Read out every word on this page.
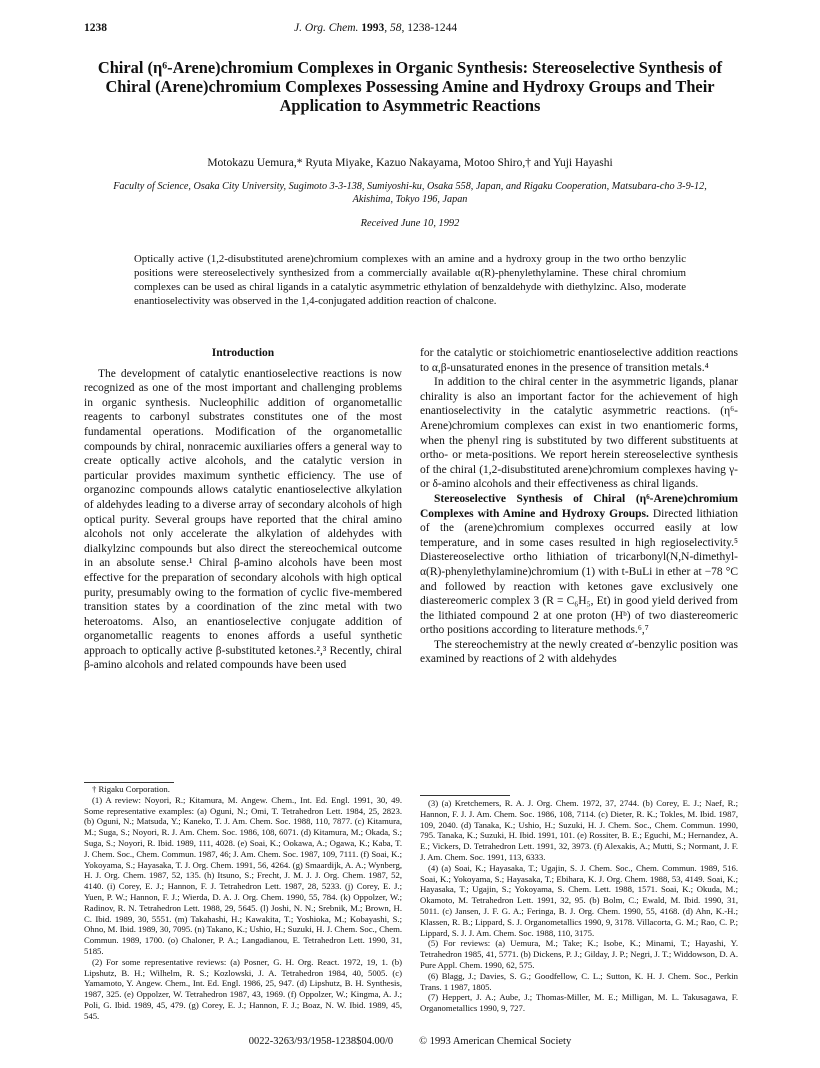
1238	J. Org. Chem. 1993, 58, 1238-1244
Chiral (η⁶-Arene)chromium Complexes in Organic Synthesis: Stereoselective Synthesis of Chiral (Arene)chromium Complexes Possessing Amine and Hydroxy Groups and Their Application to Asymmetric Reactions
Motokazu Uemura,* Ryuta Miyake, Kazuo Nakayama, Motoo Shiro,† and Yuji Hayashi
Faculty of Science, Osaka City University, Sugimoto 3-3-138, Sumiyoshi-ku, Osaka 558, Japan, and Rigaku Cooperation, Matsubara-cho 3-9-12, Akishima, Tokyo 196, Japan
Received June 10, 1992

Optically active (1,2-disubstituted arene)chromium complexes with an amine and a hydroxy group in the two ortho benzylic positions were stereoselectively synthesized from a commercially available α(R)-phenylethylamine. These chiral chromium complexes can be used as chiral ligands in a catalytic asymmetric ethylation of benzaldehyde with diethylzinc. Also, moderate enantioselectivity was observed in the 1,4-conjugated addition reaction of chalcone.

Introduction

The development of catalytic enantioselective reactions is now recognized as one of the most important and challenging problems in organic synthesis. Nucleophilic addition of organometallic reagents to carbonyl substrates constitutes one of the most fundamental operations. Modification of the organometallic compounds by chiral, nonracemic auxiliaries offers a general way to create optically active alcohols, and the catalytic version in particular provides maximum synthetic efficiency. The use of organozinc compounds allows catalytic enantioselective alkylation of aldehydes leading to a diverse array of secondary alcohols of high optical purity. Several groups have reported that the chiral amino alcohols not only accelerate the alkylation of aldehydes with dialkylzinc compounds but also direct the stereochemical outcome in an absolute sense.¹ Chiral β-amino alcohols have been most effective for the preparation of secondary alcohols with high optical purity, presumably owing to the formation of cyclic five-membered transition states by a coordination of the zinc metal with two heteroatoms. Also, an enantioselective conjugate addition of organometallic reagents to enones affords a useful synthetic approach to optically active β-substituted ketones.²,³ Recently, chiral β-amino alcohols and related compounds have been used

for the catalytic or stoichiometric enantioselective addition reactions to α,β-unsaturated enones in the presence of transition metals.⁴

In addition to the chiral center in the asymmetric ligands, planar chirality is also an important factor for the achievement of high enantioselectivity in the catalytic asymmetric reactions. (η⁶-Arene)chromium complexes can exist in two enantiomeric forms, when the phenyl ring is substituted by two different substituents at ortho- or meta-positions. We report herein stereoselective synthesis of the chiral (1,2-disubstituted arene)chromium complexes having γ- or δ-amino alcohols and their effectiveness as chiral ligands.

Stereoselective Synthesis of Chiral (η⁶-Arene)chromium Complexes with Amine and Hydroxy Groups. Directed lithiation of the (arene)chromium complexes occurred easily at low temperature, and in some cases resulted in high regioselectivity.⁵ Diastereoselective ortho lithiation of tricarbonyl(N,N-dimethyl-α(R)-phenylethylamine)chromium (1) with t-BuLi in ether at −78 °C and followed by reaction with ketones gave exclusively one diastereomeric complex 3 (R = C₆H₅, Et) in good yield derived from the lithiated compound 2 at one proton (Hᵇ) of two diastereomeric ortho positions according to literature methods.⁶,⁷

The stereochemistry at the newly created α′-benzylic position was examined by reactions of 2 with aldehydes

† Rigaku Corporation.

(1) A review: Noyori, R.; Kitamura, M. Angew. Chem., Int. Ed. Engl. 1991, 30, 49. Some representative examples: (a) Oguni, N.; Omi, T. Tetrahedron Lett. 1984, 25, 2823. (b) Oguni, N.; Matsuda, Y.; Kaneko, T. J. Am. Chem. Soc. 1988, 110, 7877. (c) Kitamura, M.; Suga, S.; Noyori, R. J. Am. Chem. Soc. 1986, 108, 6071. (d) Kitamura, M.; Okada, S.; Suga, S.; Noyori, R. Ibid. 1989, 111, 4028. (e) Soai, K.; Ookawa, A.; Ogawa, K.; Kaba, T. J. Chem. Soc., Chem. Commun. 1987, 46; J. Am. Chem. Soc. 1987, 109, 7111. (f) Soai, K.; Yokoyama, S.; Hayasaka, T. J. Org. Chem. 1991, 56, 4264. (g) Smaardijk, A. A.; Wynberg, H. J. Org. Chem. 1987, 52, 135. (h) Itsuno, S.; Frecht, J. M. J. J. Org. Chem. 1987, 52, 4140. (i) Corey, E. J.; Hannon, F. J. Tetrahedron Lett. 1987, 28, 5233. (j) Corey, E. J.; Yuen, P. W.; Hannon, F. J.; Wierda, D. A. J. Org. Chem. 1990, 55, 784. (k) Oppolzer, W.; Radinov, R. N. Tetrahedron Lett. 1988, 29, 5645. (l) Joshi, N. N.; Srebnik, M.; Brown, H. C. Ibid. 1989, 30, 5551. (m) Takahashi, H.; Kawakita, T.; Yoshioka, M.; Kobayashi, S.; Ohno, M. Ibid. 1989, 30, 7095. (n) Takano, K.; Ushio, H.; Suzuki, H. J. Chem. Soc., Chem. Commun. 1989, 1700. (o) Chaloner, P. A.; Langadianou, E. Tetrahedron Lett. 1990, 31, 5185.

(2) For some representative reviews: (a) Posner, G. H. Org. React. 1972, 19, 1. (b) Lipshutz, B. H.; Wilhelm, R. S.; Kozlowski, J. A. Tetrahedron 1984, 40, 5005. (c) Yamamoto, Y. Angew. Chem., Int. Ed. Engl. 1986, 25, 947. (d) Lipshutz, B. H. Synthesis, 1987, 325. (e) Oppolzer, W. Tetrahedron 1987, 43, 1969. (f) Oppolzer, W.; Kingma, A. J.; Poli, G. Ibid. 1989, 45, 479. (g) Corey, E. J.; Hannon, F. J.; Boaz, N. W. Ibid. 1989, 45, 545.

(3) (a) Kretchemers, R. A. J. Org. Chem. 1972, 37, 2744. (b) Corey, E. J.; Naef, R.; Hannon, F. J. J. Am. Chem. Soc. 1986, 108, 7114. (c) Dieter, R. K.; Tokles, M. Ibid. 1987, 109, 2040. (d) Tanaka, K.; Ushio, H.; Suzuki, H. J. Chem. Soc., Chem. Commun. 1990, 795. Tanaka, K.; Suzuki, H. Ibid. 1991, 101. (e) Rossiter, B. E.; Eguchi, M.; Hernandez, A. E.; Vickers, D. Tetrahedron Lett. 1991, 32, 3973. (f) Alexakis, A.; Mutti, S.; Normant, J. F. J. Am. Chem. Soc. 1991, 113, 6333.

(4) (a) Soai, K.; Hayasaka, T.; Ugajin, S. J. Chem. Soc., Chem. Commun. 1989, 516. Soai, K.; Yokoyama, S.; Hayasaka, T.; Ebihara, K. J. Org. Chem. 1988, 53, 4149. Soai, K.; Hayasaka, T.; Ugajin, S.; Yokoyama, S. Chem. Lett. 1988, 1571. Soai, K.; Okuda, M.; Okamoto, M. Tetrahedron Lett. 1991, 32, 95. (b) Bolm, C.; Ewald, M. Ibid. 1990, 31, 5011. (c) Jansen, J. F. G. A.; Feringa, B. J. Org. Chem. 1990, 55, 4168. (d) Ahn, K.-H.; Klassen, R. B.; Lippard, S. J. Organometallics 1990, 9, 3178. Villacorta, G. M.; Rao, C. P.; Lippard, S. J. J. Am. Chem. Soc. 1988, 110, 3175.

(5) For reviews: (a) Uemura, M.; Take; K.; Isobe, K.; Minami, T.; Hayashi, Y. Tetrahedron 1985, 41, 5771. (b) Dickens, P. J.; Gilday, J. P.; Negri, J. T.; Widdowson, D. A. Pure Appl. Chem. 1990, 62, 575.

(6) Blagg, J.; Davies, S. G.; Goodfellow, C. L.; Sutton, K. H. J. Chem. Soc., Perkin Trans. 1 1987, 1805.

(7) Heppert, J. A.; Aube, J.; Thomas-Miller, M. E.; Milligan, M. L. Takusagawa, F. Organometallics 1990, 9, 727.

0022-3263/93/1958-1238$04.00/0 © 1993 American Chemical Society
